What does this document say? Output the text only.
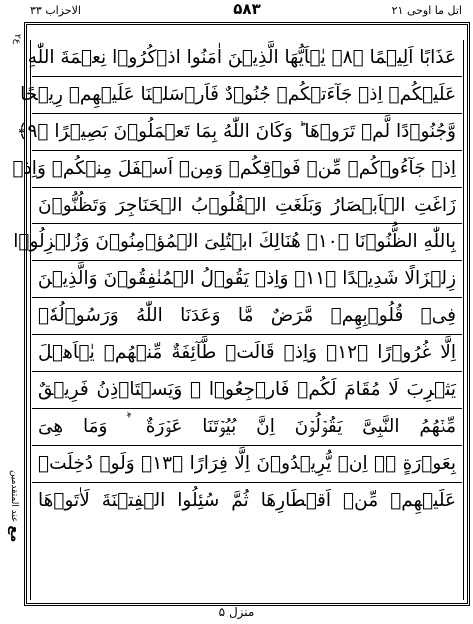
الاحزاب ۳۳	۵۸۳	اتل ما اوحی ۲۱
ع۲
مع عند المتقدمين
عَذَابًا اَلِیۡمًا ﴿۸﴾ یٰۤاَیُّهَا الَّذِیۡنَ اٰمَنُوا اذۡكُرُوۡا نِعۡمَةَ اللّٰهِ
عَلَیۡكُمۡ اِذۡ جَآءَتۡكُمۡ جُنُوۡدٌ فَاَرۡسَلۡنَا عَلَیۡهِمۡ رِیۡحًا
وَّجُنُوۡدًا لَّمۡ تَرَوۡهَا ؕ وَكَانَ اللّٰهُ بِمَا تَعۡمَلُوۡنَ بَصِیۡرًا ﴿۹﴾
اِذۡ جَآءُوۡكُمۡ مِّنۡ فَوۡقِكُمۡ وَمِنۡ اَسۡفَلَ مِنۡكُمۡ وَاِذۡ
زَاغَتِ الۡاَبۡصَارُ وَبَلَغَتِ الۡقُلُوۡبُ الۡحَنَاجِرَ وَتَظُنُّوۡنَ
بِاللّٰهِ الظُّنُوۡنَا ﴿۱۰﴾ هُنَالِكَ ابۡتُلِیَ الۡمُؤۡمِنُوۡنَ وَزُلۡزِلُوۡا
زِلۡزَالًا شَدِیۡدًا ﴿۱۱﴾ وَاِذۡ یَقُوۡلُ الۡمُنٰفِقُوۡنَ وَالَّذِیۡنَ
فِیۡ قُلُوۡبِهِمۡ مَّرَضٌ مَّا وَعَدَنَا اللّٰهُ وَرَسُوۡلُهٗۤ
اِلَّا غُرُوۡرًا ﴿۱۲﴾ وَاِذۡ قَالَتۡ طَّآئِفَةٌ مِّنۡهُمۡ یٰۤاَهۡلَ
یَثۡرِبَ لَا مُقَامَ لَكُمۡ فَارۡجِعُوۡا ۚ وَیَسۡتَاۡذِنُ فَرِیۡقٌ
مِّنۡهُمُ النَّبِیَّ یَقُوۡلُوۡنَ اِنَّ بُیُوۡتَنَا عَوۡرَةٌ ۛؕ وَمَا هِیَ
بِعَوۡرَةٍ ۛۚ اِنۡ یُّرِیۡدُوۡنَ اِلَّا فِرَارًا ﴿۱۳﴾ وَلَوۡ دُخِلَتۡ
عَلَیۡهِمۡ مِّنۡ اَقۡطَارِهَا ثُمَّ سُئِلُوا الۡفِتۡنَةَ لَاٰتَوۡهَا
منزل ۵
